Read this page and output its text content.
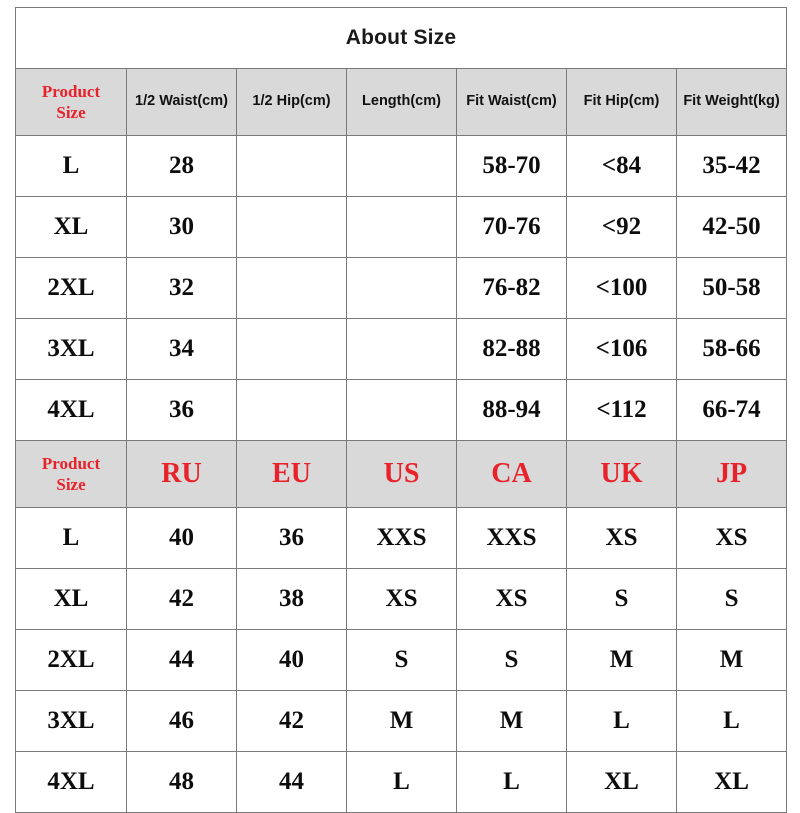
About Size						

Product
Size	1/2 Waist(cm)	1/2 Hip(cm)	Length(cm)	Fit Waist(cm)	Fit Hip(cm)	Fit Weight(kg)
L	28			58-70	<84	35-42
XL	30			70-76	<92	42-50
2XL	32			76-82	<100	50-58
3XL	34			82-88	<106	58-66
4XL	36			88-94	<112	66-74

Product
Size	RU	EU	US	CA	UK	JP
L	40	36	XXS	XXS	XS	XS
XL	42	38	XS	XS	S	S
2XL	44	40	S	S	M	M
3XL	46	42	M	M	L	L
4XL	48	44	L	L	XL	XL
